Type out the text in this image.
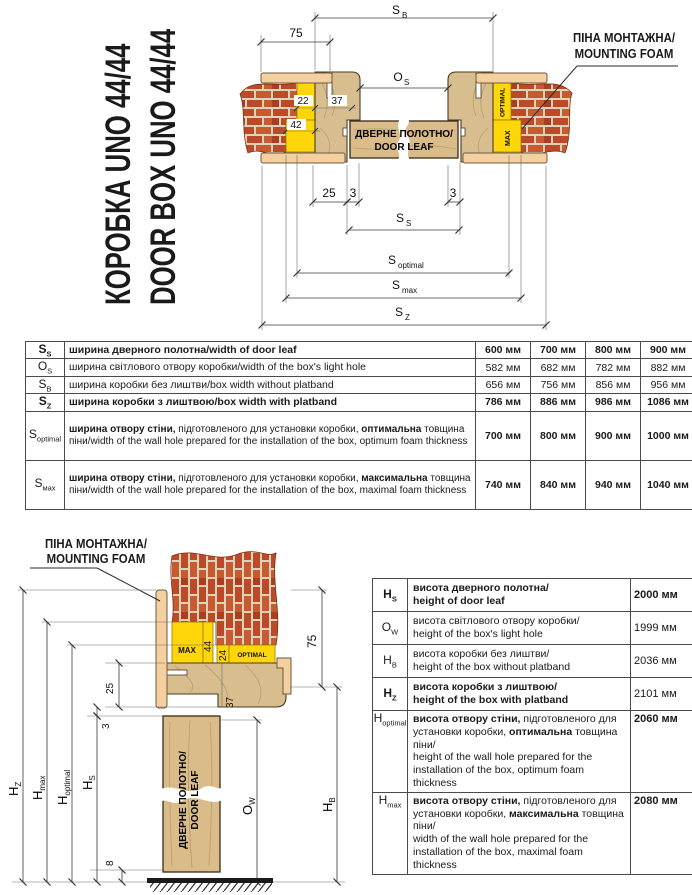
КОРОБКА UNO 44/44 DOOR BOX UNO 44/44	OPTIMAL
MAX
ДВЕРНЕ ПОЛОТНО/
DOOR LEAF
ПІНА МОНТАЖНА/
MOUNTING FOAM
S B
75
O S
22 37
42
25 3	3
S S
S optimal
S max
S Z
MAX 44
24 OPTIMAL
37
ДВЕРНЕ ПОЛОТНО/ DOOR LEAF
ПІНА МОНТАЖНА/
MOUNTING FOAM
HZ
Hmax
Hoptimal HS
3
25
8
OW
75
HB
$S_S$	ширина дверного полотна/width of door leaf	600 мм	700 мм	800 мм	900 мм
$O_S$	ширина світлового отвору коробки/width of the box's light hole	582 мм	682 мм	782 мм	882 мм
$S_B$	ширина коробки без лиштви/box width without platband	656 мм	756 мм	856 мм	956 мм
$S_Z$	ширина коробки з лиштвою/box width with platband	786 мм	886 мм	986 мм	1086 мм
$S_{optimal}$	ширина отвору стіни, підготовленого для установки коробки, оптимальна товщина піни/width of the wall hole prepared for the installation of the box, optimum foam thickness	700 мм	800 мм	900 мм	1000 мм
$S_{мах}$	ширина отвору стіни, підготовленого для установки коробки, максимальна товщина піни/width of the wall hole prepared for the installation of the box, maximal foam thickness	740 мм	840 мм	940 мм	1040 мм
$H_S$	висота дверного полотна/
height of door leaf	2000 мм
$O_W$	висота світлового отвору коробки/
height of the box's light hole	1999 мм
$H_B$	висота коробки без лиштви/
height of the box without platband	2036 мм
$H_Z$	висота коробки з лиштвою/
height of the box with platband	2101 мм
$H_{optimal}$	висота отвору стіни, підготовленого для установки коробки, оптимальна товщина піни/
height of the wall hole prepared for the installation of the box, optimum foam thickness	2060 мм
$H_{max}$	висота отвору стіни, підготовленого для установки коробки, максимальна товщина піни/
width of the wall hole prepared for the installation of the box, maximal foam thickness	2080 мм
